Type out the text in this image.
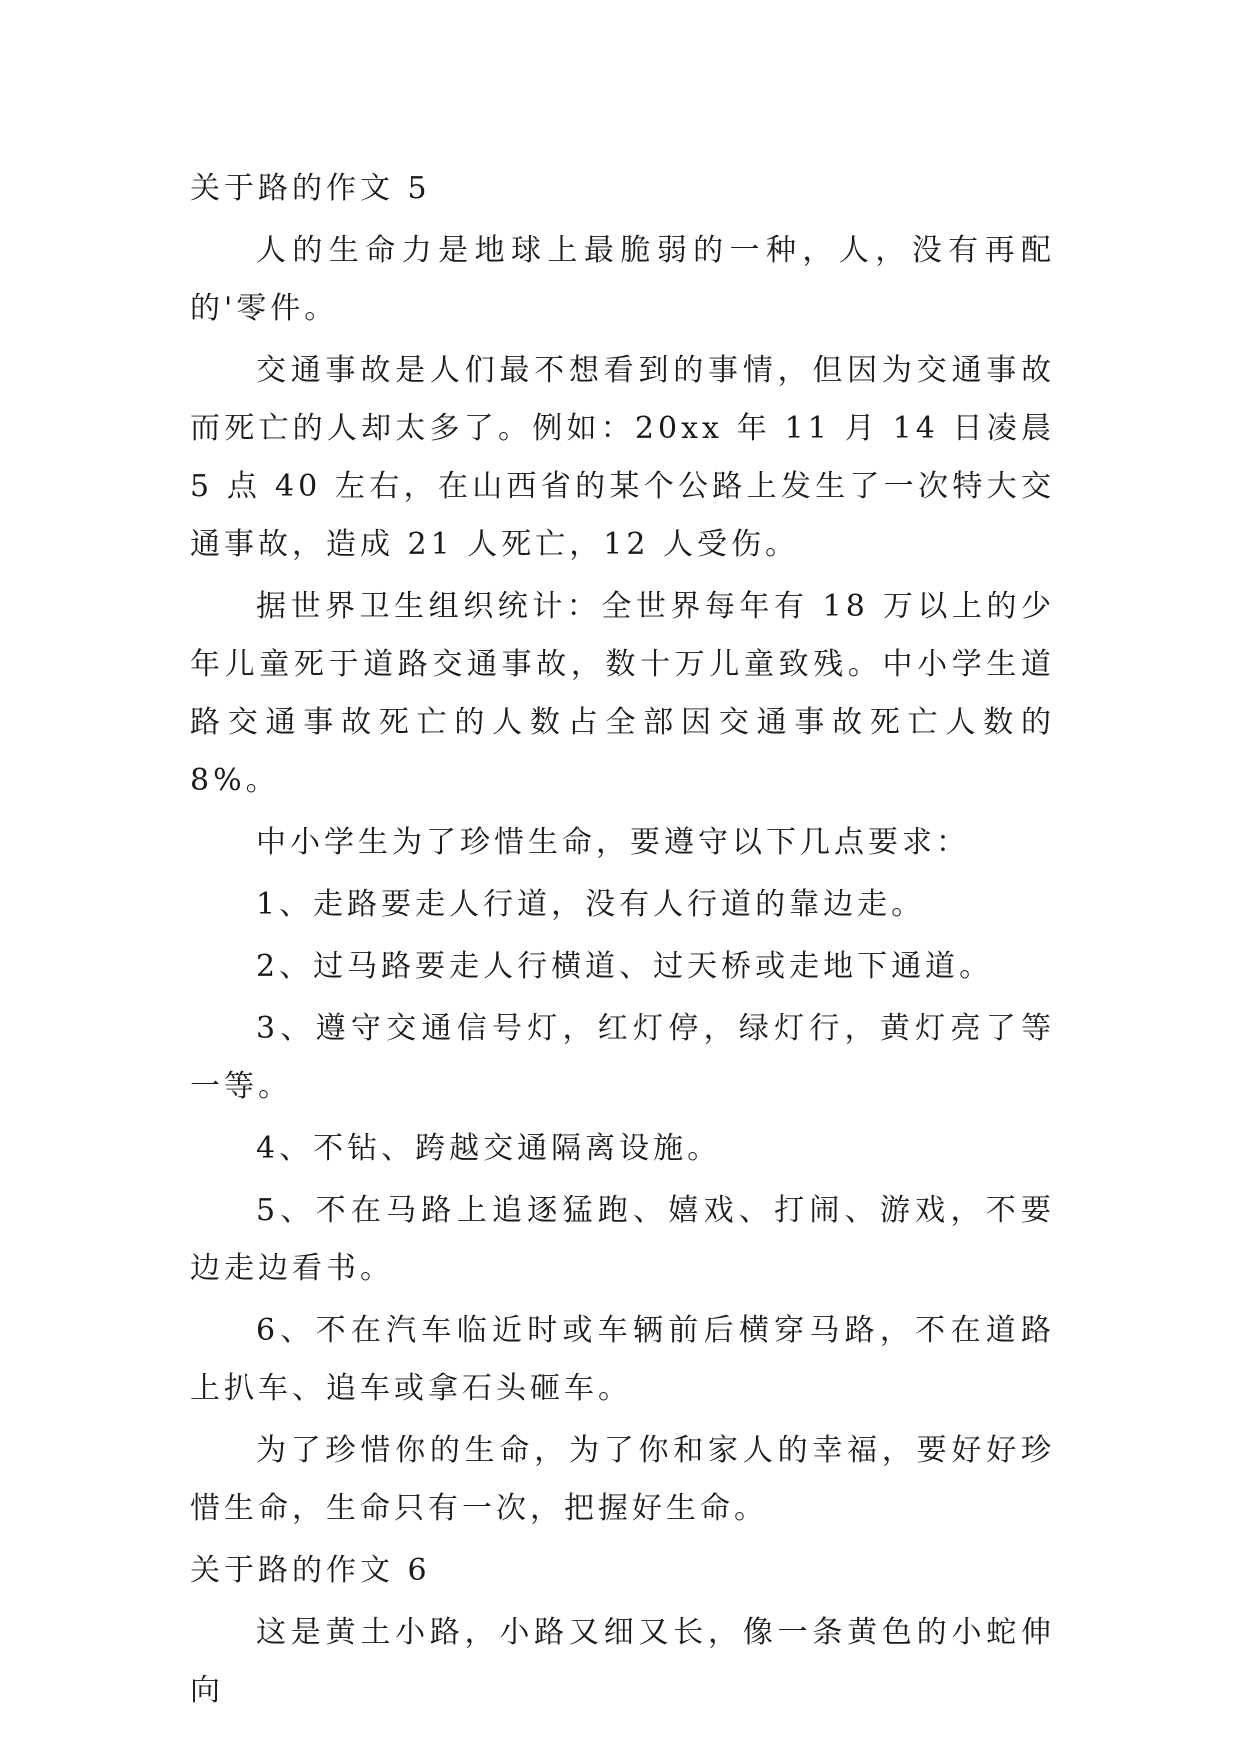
关于路的作文 5

人的生命力是地球上最脆弱的一种，人，没有再配的'零件。

交通事故是人们最不想看到的事情，但因为交通事故而死亡的人却太多了。例如：20xx 年 11 月 14 日凌晨 5 点 40 左右，在山西省的某个公路上发生了一次特大交通事故，造成 21 人死亡，12 人受伤。

据世界卫生组织统计：全世界每年有 18 万以上的少年儿童死于道路交通事故，数十万儿童致残。中小学生道路交通事故死亡的人数占全部因交通事故死亡人数的 8%。

中小学生为了珍惜生命，要遵守以下几点要求：

1、走路要走人行道，没有人行道的靠边走。

2、过马路要走人行横道、过天桥或走地下通道。

3、遵守交通信号灯，红灯停，绿灯行，黄灯亮了等一等。

4、不钻、跨越交通隔离设施。

5、不在马路上追逐猛跑、嬉戏、打闹、游戏，不要边走边看书。

6、不在汽车临近时或车辆前后横穿马路，不在道路上扒车、追车或拿石头砸车。

为了珍惜你的生命，为了你和家人的幸福，要好好珍惜生命，生命只有一次，把握好生命。

关于路的作文 6

这是黄土小路，小路又细又长，像一条黄色的小蛇伸向
